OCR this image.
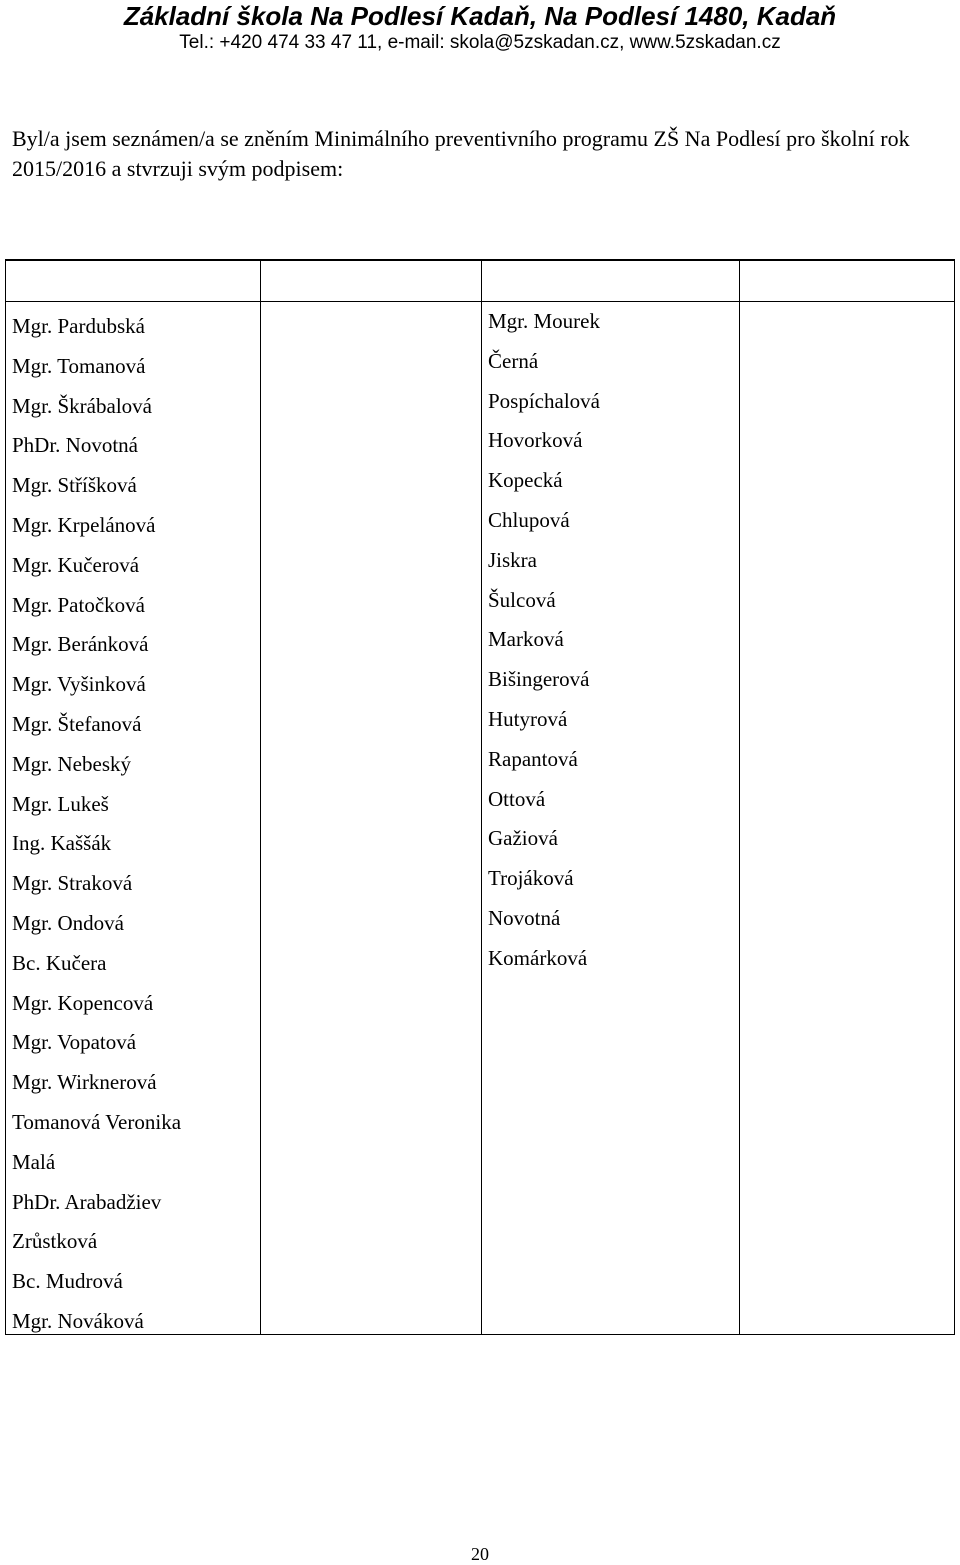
Základní škola Na Podlesí Kadaň, Na Podlesí 1480, Kadaň
Tel.: +420 474 33 47 11, e-mail: skola@5zskadan.cz, www.5zskadan.cz
Byl/a jsem seznámen/a se zněním Minimálního preventivního programu ZŠ Na Podlesí pro školní rok 2015/2016 a stvrzuji svým podpisem:
Mgr. Pardubská
Mgr. Tomanová
Mgr. Škrábalová
PhDr. Novotná
Mgr. Stříšková
Mgr. Krpelánová
Mgr. Kučerová
Mgr. Patočková
Mgr. Beránková
Mgr. Vyšinková
Mgr. Štefanová
Mgr. Nebeský
Mgr. Lukeš
Ing. Kaššák
Mgr. Straková
Mgr. Ondová
Bc. Kučera
Mgr. Kopencová
Mgr. Vopatová
Mgr. Wirknerová
Tomanová Veronika
Malá
PhDr. Arabadžiev
Zrůstková
Bc. Mudrová
Mgr. Nováková
Mgr. Mourek
Černá
Pospíchalová
Hovorková
Kopecká
Chlupová
Jiskra
Šulcová
Marková
Bišingerová
Hutyrová
Rapantová
Ottová
Gažiová
Trojáková
Novotná
Komárková
20
